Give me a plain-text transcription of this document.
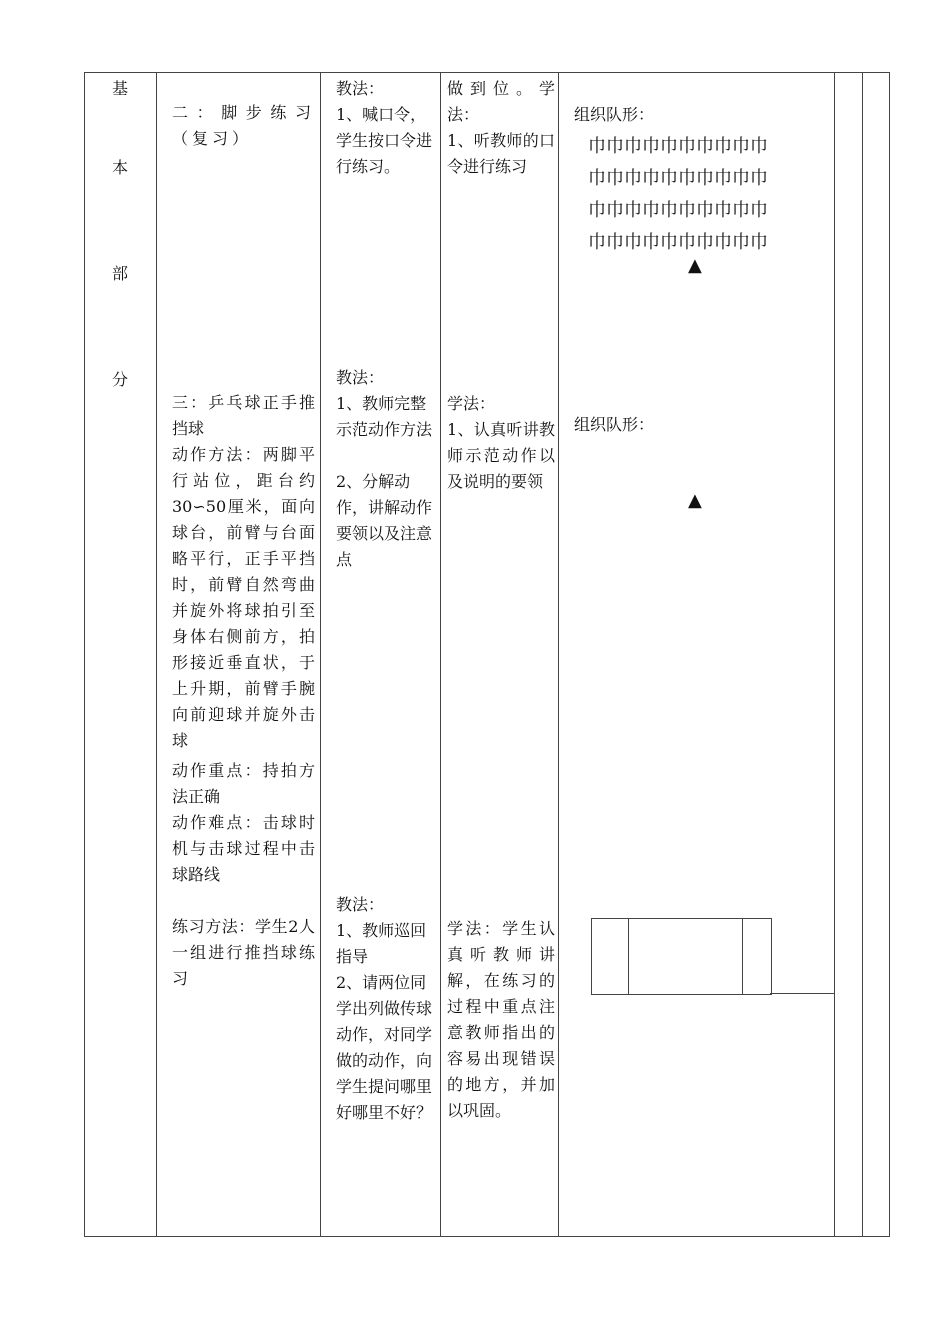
基
本
部
分
二：脚步练习（复习）
教法：
1、喊口令，学生按口令进行练习。
做到位。学法：
1、听教师的口令进行练习
组织队形：
巾巾巾巾巾巾巾巾巾巾
巾巾巾巾巾巾巾巾巾巾
巾巾巾巾巾巾巾巾巾巾
巾巾巾巾巾巾巾巾巾巾
▲
三：乒乓球正手推挡球
动作方法：两脚平行站位，距台约30∽50厘米，面向球台，前臂与台面略平行，正手平挡时，前臂自然弯曲并旋外将球拍引至身体右侧前方，拍形接近垂直状，于上升期，前臂手腕向前迎球并旋外击球
动作重点：持拍方法正确
动作难点：击球时机与击球过程中击球路线
教法：
1、教师完整示范动作方法
2、分解动作，讲解动作要领以及注意点
学法：
1、认真听讲教师示范动作以及说明的要领
组织队形：
▲
练习方法：学生2人一组进行推挡球练习
教法：
1、教师巡回指导
2、请两位同学出列做传球动作，对同学做的动作，向学生提问哪里好哪里不好？
学法：学生认真听教师讲解，在练习的过程中重点注意教师指出的容易出现错误的地方，并加以巩固。
